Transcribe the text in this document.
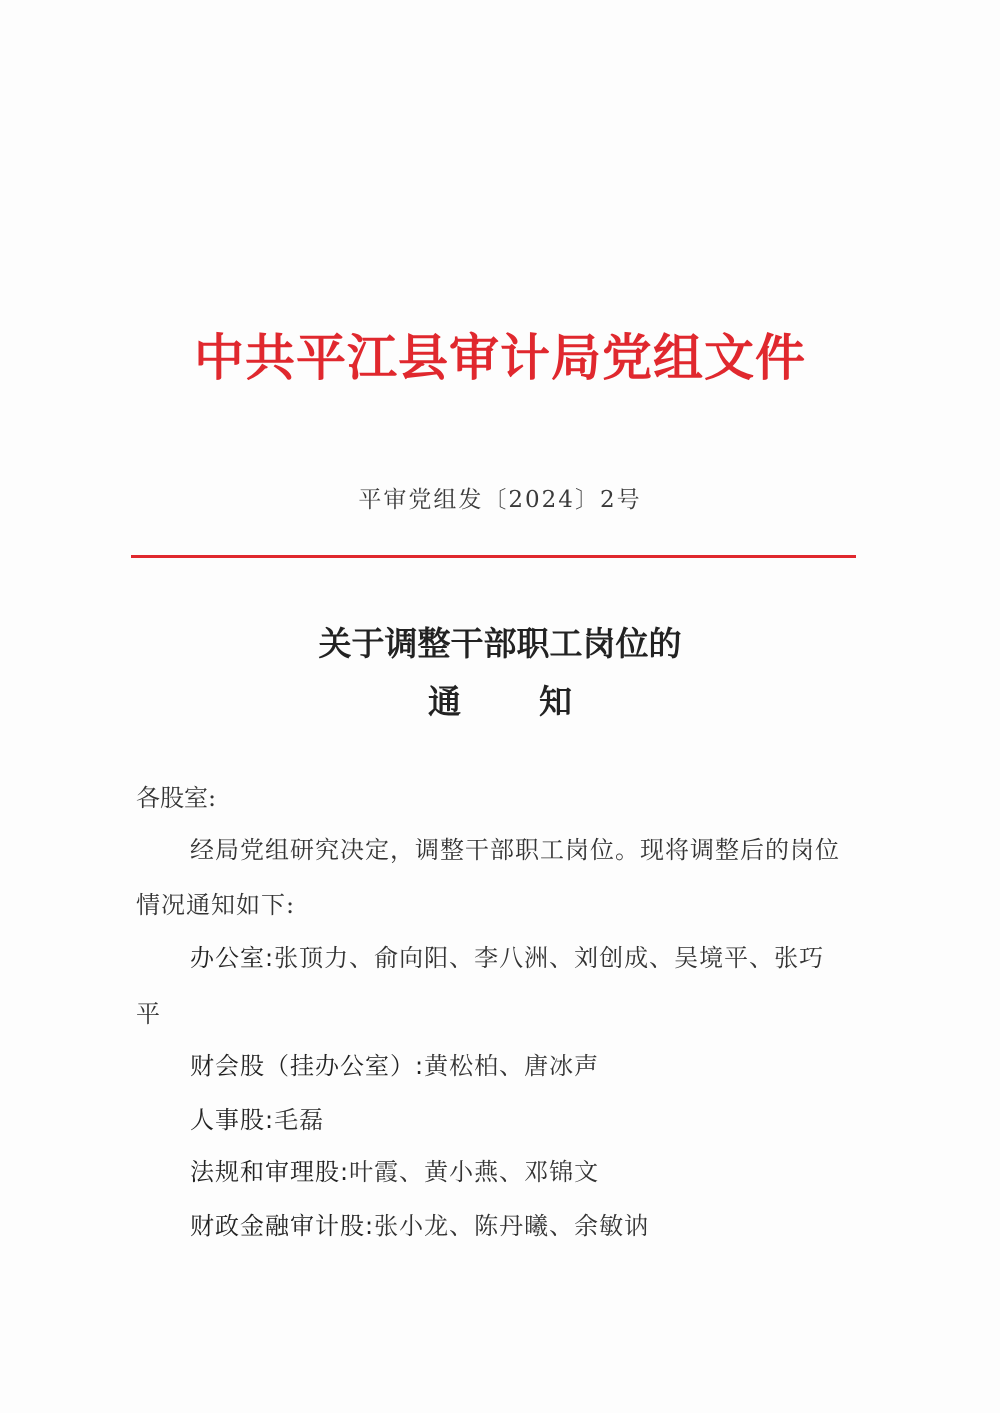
中共平江县审计局党组文件
平审党组发〔2024〕2号
关于调整干部职工岗位的
通知
各股室:
经局党组研究决定，调整干部职工岗位。现将调整后的岗位
情况通知如下:
办公室:张顶力、俞向阳、李八洲、刘创成、吴境平、张巧
平
财会股（挂办公室）:黄松柏、唐冰声
人事股:毛磊
法规和审理股:叶霞、黄小燕、邓锦文
财政金融审计股:张小龙、陈丹曦、余敏讷
